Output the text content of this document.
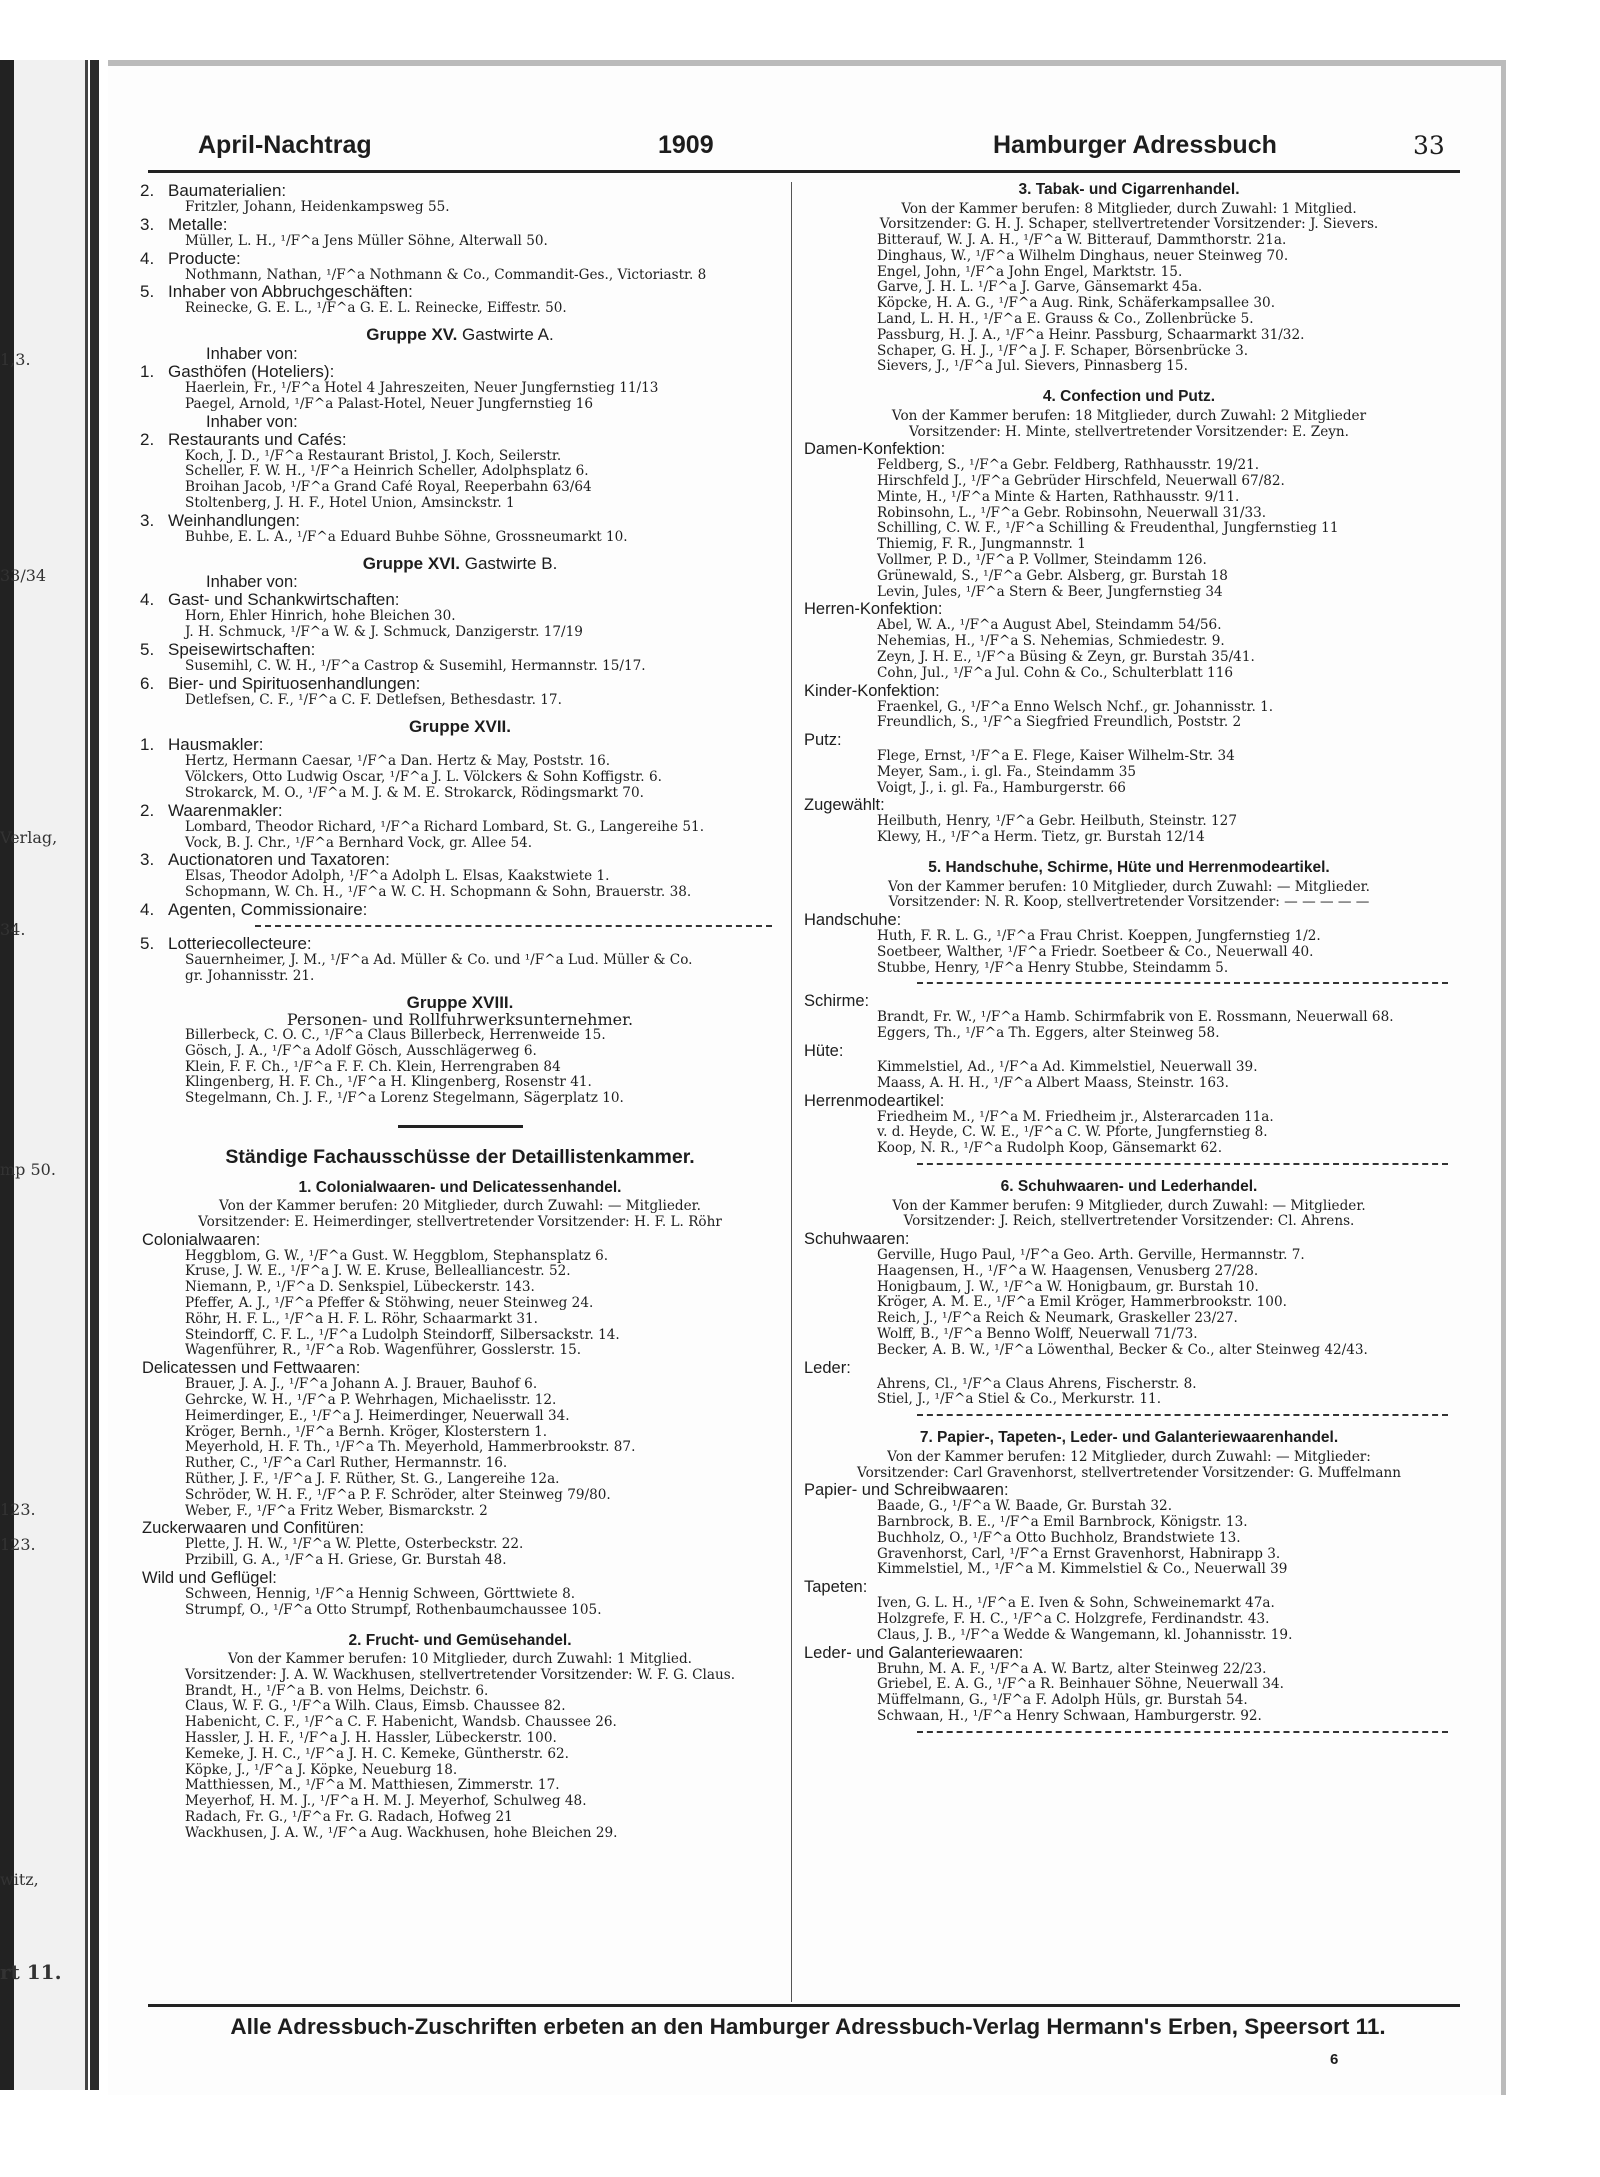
1,3.
33/34
Verlag,
34.
mp 50.
123.
123.
witz,
rt 11.
April-Nachtrag	1909	Hamburger Adressbuch	33
2. Baumaterialien:
Fritzler, Johann, Heidenkampsweg 55.
3. Metalle:
Müller, L. H., ¹/F^a Jens Müller Söhne, Alterwall 50.
4. Producte:
Nothmann, Nathan, ¹/F^a Nothmann & Co., Commandit-Ges., Victoriastr. 8
5. Inhaber von Abbruchgeschäften:
Reinecke, G. E. L., ¹/F^a G. E. L. Reinecke, Eiffestr. 50.
Gruppe XV. Gastwirte A.
Inhaber von:
1. Gasthöfen (Hoteliers):
Haerlein, Fr., ¹/F^a Hotel 4 Jahreszeiten, Neuer Jungfernstieg 11/13
Paegel, Arnold, ¹/F^a Palast-Hotel, Neuer Jungfernstieg 16
Inhaber von:
2. Restaurants und Cafés:
Koch, J. D., ¹/F^a Restaurant Bristol, J. Koch, Seilerstr.
Scheller, F. W. H., ¹/F^a Heinrich Scheller, Adolphsplatz 6.
Broihan Jacob, ¹/F^a Grand Café Royal, Reeperbahn 63/64
Stoltenberg, J. H. F., Hotel Union, Amsinckstr. 1
3. Weinhandlungen:
Buhbe, E. L. A., ¹/F^a Eduard Buhbe Söhne, Grossneumarkt 10.
Gruppe XVI. Gastwirte B.
Inhaber von:
4. Gast- und Schankwirtschaften:
Horn, Ehler Hinrich, hohe Bleichen 30.
J. H. Schmuck, ¹/F^a W. & J. Schmuck, Danzigerstr. 17/19
5. Speisewirtschaften:
Susemihl, C. W. H., ¹/F^a Castrop & Susemihl, Hermannstr. 15/17.
6. Bier- und Spirituosenhandlungen:
Detlefsen, C. F., ¹/F^a C. F. Detlefsen, Bethesdastr. 17.
Gruppe XVII.
1. Hausmakler:
Hertz, Hermann Caesar, ¹/F^a Dan. Hertz & May, Poststr. 16.
Völckers, Otto Ludwig Oscar, ¹/F^a J. L. Völckers & Sohn Koffigstr. 6.
Strokarck, M. O., ¹/F^a M. J. & M. E. Strokarck, Rödingsmarkt 70.
2. Waarenmakler:
Lombard, Theodor Richard, ¹/F^a Richard Lombard, St. G., Langereihe 51.
Vock, B. J. Chr., ¹/F^a Bernhard Vock, gr. Allee 54.
3. Auctionatoren und Taxatoren:
Elsas, Theodor Adolph, ¹/F^a Adolph L. Elsas, Kaakstwiete 1.
Schopmann, W. Ch. H., ¹/F^a W. C. H. Schopmann & Sohn, Brauerstr. 38.
4. Agenten, Commissionaire:
5. Lotteriecollecteure:
Sauernheimer, J. M., ¹/F^a Ad. Müller & Co. und ¹/F^a Lud. Müller & Co.
gr. Johannisstr. 21.
Gruppe XVIII.
Personen- und Rollfuhrwerksunternehmer.
Billerbeck, C. O. C., ¹/F^a Claus Billerbeck, Herrenweide 15.
Gösch, J. A., ¹/F^a Adolf Gösch, Ausschlägerweg 6.
Klein, F. F. Ch., ¹/F^a F. F. Ch. Klein, Herrengraben 84
Klingenberg, H. F. Ch., ¹/F^a H. Klingenberg, Rosenstr 41.
Stegelmann, Ch. J. F., ¹/F^a Lorenz Stegelmann, Sägerplatz 10.
Ständige Fachausschüsse der Detaillistenkammer.
1. Colonialwaaren- und Delicatessenhandel.
Von der Kammer berufen: 20 Mitglieder, durch Zuwahl: — Mitglieder.
Vorsitzender: E. Heimerdinger, stellvertretender Vorsitzender: H. F. L. Röhr
Colonialwaaren:
Heggblom, G. W., ¹/F^a Gust. W. Heggblom, Stephansplatz 6.
Kruse, J. W. E., ¹/F^a J. W. E. Kruse, Bellealliancestr. 52.
Niemann, P., ¹/F^a D. Senkspiel, Lübeckerstr. 143.
Pfeffer, A. J., ¹/F^a Pfeffer & Stöhwing, neuer Steinweg 24.
Röhr, H. F. L., ¹/F^a H. F. L. Röhr, Schaarmarkt 31.
Steindorff, C. F. L., ¹/F^a Ludolph Steindorff, Silbersackstr. 14.
Wagenführer, R., ¹/F^a Rob. Wagenführer, Gosslerstr. 15.
Delicatessen und Fettwaaren:
Brauer, J. A. J., ¹/F^a Johann A. J. Brauer, Bauhof 6.
Gehrcke, W. H., ¹/F^a P. Wehrhagen, Michaelisstr. 12.
Heimerdinger, E., ¹/F^a J. Heimerdinger, Neuerwall 34.
Kröger, Bernh., ¹/F^a Bernh. Kröger, Klosterstern 1.
Meyerhold, H. F. Th., ¹/F^a Th. Meyerhold, Hammerbrookstr. 87.
Ruther, C., ¹/F^a Carl Ruther, Hermannstr. 16.
Rüther, J. F., ¹/F^a J. F. Rüther, St. G., Langereihe 12a.
Schröder, W. H. F., ¹/F^a P. F. Schröder, alter Steinweg 79/80.
Weber, F., ¹/F^a Fritz Weber, Bismarckstr. 2
Zuckerwaaren und Confitüren:
Plette, J. H. W., ¹/F^a W. Plette, Osterbeckstr. 22.
Przibill, G. A., ¹/F^a H. Griese, Gr. Burstah 48.
Wild und Geflügel:
Schween, Hennig, ¹/F^a Hennig Schween, Görttwiete 8.
Strumpf, O., ¹/F^a Otto Strumpf, Rothenbaumchaussee 105.
2. Frucht- und Gemüsehandel.
Von der Kammer berufen: 10 Mitglieder, durch Zuwahl: 1 Mitglied.
Vorsitzender: J. A. W. Wackhusen, stellvertretender Vorsitzender: W. F. G. Claus.
Brandt, H., ¹/F^a B. von Helms, Deichstr. 6.
Claus, W. F. G., ¹/F^a Wilh. Claus, Eimsb. Chaussee 82.
Habenicht, C. F., ¹/F^a C. F. Habenicht, Wandsb. Chaussee 26.
Hassler, J. H. F., ¹/F^a J. H. Hassler, Lübeckerstr. 100.
Kemeke, J. H. C., ¹/F^a J. H. C. Kemeke, Güntherstr. 62.
Köpke, J., ¹/F^a J. Köpke, Neueburg 18.
Matthiessen, M., ¹/F^a M. Matthiesen, Zimmerstr. 17.
Meyerhof, H. M. J., ¹/F^a H. M. J. Meyerhof, Schulweg 48.
Radach, Fr. G., ¹/F^a Fr. G. Radach, Hofweg 21
Wackhusen, J. A. W., ¹/F^a Aug. Wackhusen, hohe Bleichen 29.
3. Tabak- und Cigarrenhandel.
Von der Kammer berufen: 8 Mitglieder, durch Zuwahl: 1 Mitglied.
Vorsitzender: G. H. J. Schaper, stellvertretender Vorsitzender: J. Sievers.
Bitterauf, W. J. A. H., ¹/F^a W. Bitterauf, Dammthorstr. 21a.
Dinghaus, W., ¹/F^a Wilhelm Dinghaus, neuer Steinweg 70.
Engel, John, ¹/F^a John Engel, Marktstr. 15.
Garve, J. H. L. ¹/F^a J. Garve, Gänsemarkt 45a.
Köpcke, H. A. G., ¹/F^a Aug. Rink, Schäferkampsallee 30.
Land, L. H. H., ¹/F^a E. Grauss & Co., Zollenbrücke 5.
Passburg, H. J. A., ¹/F^a Heinr. Passburg, Schaarmarkt 31/32.
Schaper, G. H. J., ¹/F^a J. F. Schaper, Börsenbrücke 3.
Sievers, J., ¹/F^a Jul. Sievers, Pinnasberg 15.
4. Confection und Putz.
Von der Kammer berufen: 18 Mitglieder, durch Zuwahl: 2 Mitglieder
Vorsitzender: H. Minte, stellvertretender Vorsitzender: E. Zeyn.
Damen-Konfektion:
Feldberg, S., ¹/F^a Gebr. Feldberg, Rathhausstr. 19/21.
Hirschfeld J., ¹/F^a Gebrüder Hirschfeld, Neuerwall 67/82.
Minte, H., ¹/F^a Minte & Harten, Rathhausstr. 9/11.
Robinsohn, L., ¹/F^a Gebr. Robinsohn, Neuerwall 31/33.
Schilling, C. W. F., ¹/F^a Schilling & Freudenthal, Jungfernstieg 11
Thiemig, F. R., Jungmannstr. 1
Vollmer, P. D., ¹/F^a P. Vollmer, Steindamm 126.
Grünewald, S., ¹/F^a Gebr. Alsberg, gr. Burstah 18
Levin, Jules, ¹/F^a Stern & Beer, Jungfernstieg 34
Herren-Konfektion:
Abel, W. A., ¹/F^a August Abel, Steindamm 54/56.
Nehemias, H., ¹/F^a S. Nehemias, Schmiedestr. 9.
Zeyn, J. H. E., ¹/F^a Büsing & Zeyn, gr. Burstah 35/41.
Cohn, Jul., ¹/F^a Jul. Cohn & Co., Schulterblatt 116
Kinder-Konfektion:
Fraenkel, G., ¹/F^a Enno Welsch Nchf., gr. Johannisstr. 1.
Freundlich, S., ¹/F^a Siegfried Freundlich, Poststr. 2
Putz:
Flege, Ernst, ¹/F^a E. Flege, Kaiser Wilhelm-Str. 34
Meyer, Sam., i. gl. Fa., Steindamm 35
Voigt, J., i. gl. Fa., Hamburgerstr. 66
Zugewählt:
Heilbuth, Henry, ¹/F^a Gebr. Heilbuth, Steinstr. 127
Klewy, H., ¹/F^a Herm. Tietz, gr. Burstah 12/14
5. Handschuhe, Schirme, Hüte und Herrenmodeartikel.
Von der Kammer berufen: 10 Mitglieder, durch Zuwahl: — Mitglieder.
Vorsitzender: N. R. Koop, stellvertretender Vorsitzender: — — — — —
Handschuhe:
Huth, F. R. L. G., ¹/F^a Frau Christ. Koeppen, Jungfernstieg 1/2.
Soetbeer, Walther, ¹/F^a Friedr. Soetbeer & Co., Neuerwall 40.
Stubbe, Henry, ¹/F^a Henry Stubbe, Steindamm 5.
Schirme:
Brandt, Fr. W., ¹/F^a Hamb. Schirmfabrik von E. Rossmann, Neuerwall 68.
Eggers, Th., ¹/F^a Th. Eggers, alter Steinweg 58.
Hüte:
Kimmelstiel, Ad., ¹/F^a Ad. Kimmelstiel, Neuerwall 39.
Maass, A. H. H., ¹/F^a Albert Maass, Steinstr. 163.
Herrenmodeartikel:
Friedheim M., ¹/F^a M. Friedheim jr., Alsterarcaden 11a.
v. d. Heyde, C. W. E., ¹/F^a C. W. Pforte, Jungfernstieg 8.
Koop, N. R., ¹/F^a Rudolph Koop, Gänsemarkt 62.
6. Schuhwaaren- und Lederhandel.
Von der Kammer berufen: 9 Mitglieder, durch Zuwahl: — Mitglieder.
Vorsitzender: J. Reich, stellvertretender Vorsitzender: Cl. Ahrens.
Schuhwaaren:
Gerville, Hugo Paul, ¹/F^a Geo. Arth. Gerville, Hermannstr. 7.
Haagensen, H., ¹/F^a W. Haagensen, Venusberg 27/28.
Honigbaum, J. W., ¹/F^a W. Honigbaum, gr. Burstah 10.
Kröger, A. M. E., ¹/F^a Emil Kröger, Hammerbrookstr. 100.
Reich, J., ¹/F^a Reich & Neumark, Graskeller 23/27.
Wolff, B., ¹/F^a Benno Wolff, Neuerwall 71/73.
Becker, A. B. W., ¹/F^a Löwenthal, Becker & Co., alter Steinweg 42/43.
Leder:
Ahrens, Cl., ¹/F^a Claus Ahrens, Fischerstr. 8.
Stiel, J., ¹/F^a Stiel & Co., Merkurstr. 11.
7. Papier-, Tapeten-, Leder- und Galanteriewaarenhandel.
Von der Kammer berufen: 12 Mitglieder, durch Zuwahl: — Mitglieder:
Vorsitzender: Carl Gravenhorst, stellvertretender Vorsitzender: G. Muffelmann
Papier- und Schreibwaaren:
Baade, G., ¹/F^a W. Baade, Gr. Burstah 32.
Barnbrock, B. E., ¹/F^a Emil Barnbrock, Königstr. 13.
Buchholz, O., ¹/F^a Otto Buchholz, Brandstwiete 13.
Gravenhorst, Carl, ¹/F^a Ernst Gravenhorst, Habnirapp 3.
Kimmelstiel, M., ¹/F^a M. Kimmelstiel & Co., Neuerwall 39
Tapeten:
Iven, G. L. H., ¹/F^a E. Iven & Sohn, Schweinemarkt 47a.
Holzgrefe, F. H. C., ¹/F^a C. Holzgrefe, Ferdinandstr. 43.
Claus, J. B., ¹/F^a Wedde & Wangemann, kl. Johannisstr. 19.
Leder- und Galanteriewaaren:
Bruhn, M. A. F., ¹/F^a A. W. Bartz, alter Steinweg 22/23.
Griebel, E. A. G., ¹/F^a R. Beinhauer Söhne, Neuerwall 34.
Müffelmann, G., ¹/F^a F. Adolph Hüls, gr. Burstah 54.
Schwaan, H., ¹/F^a Henry Schwaan, Hamburgerstr. 92.
Alle Adressbuch-Zuschriften erbeten an den Hamburger Adressbuch-Verlag Hermann's Erben, Speersort 11.
6
